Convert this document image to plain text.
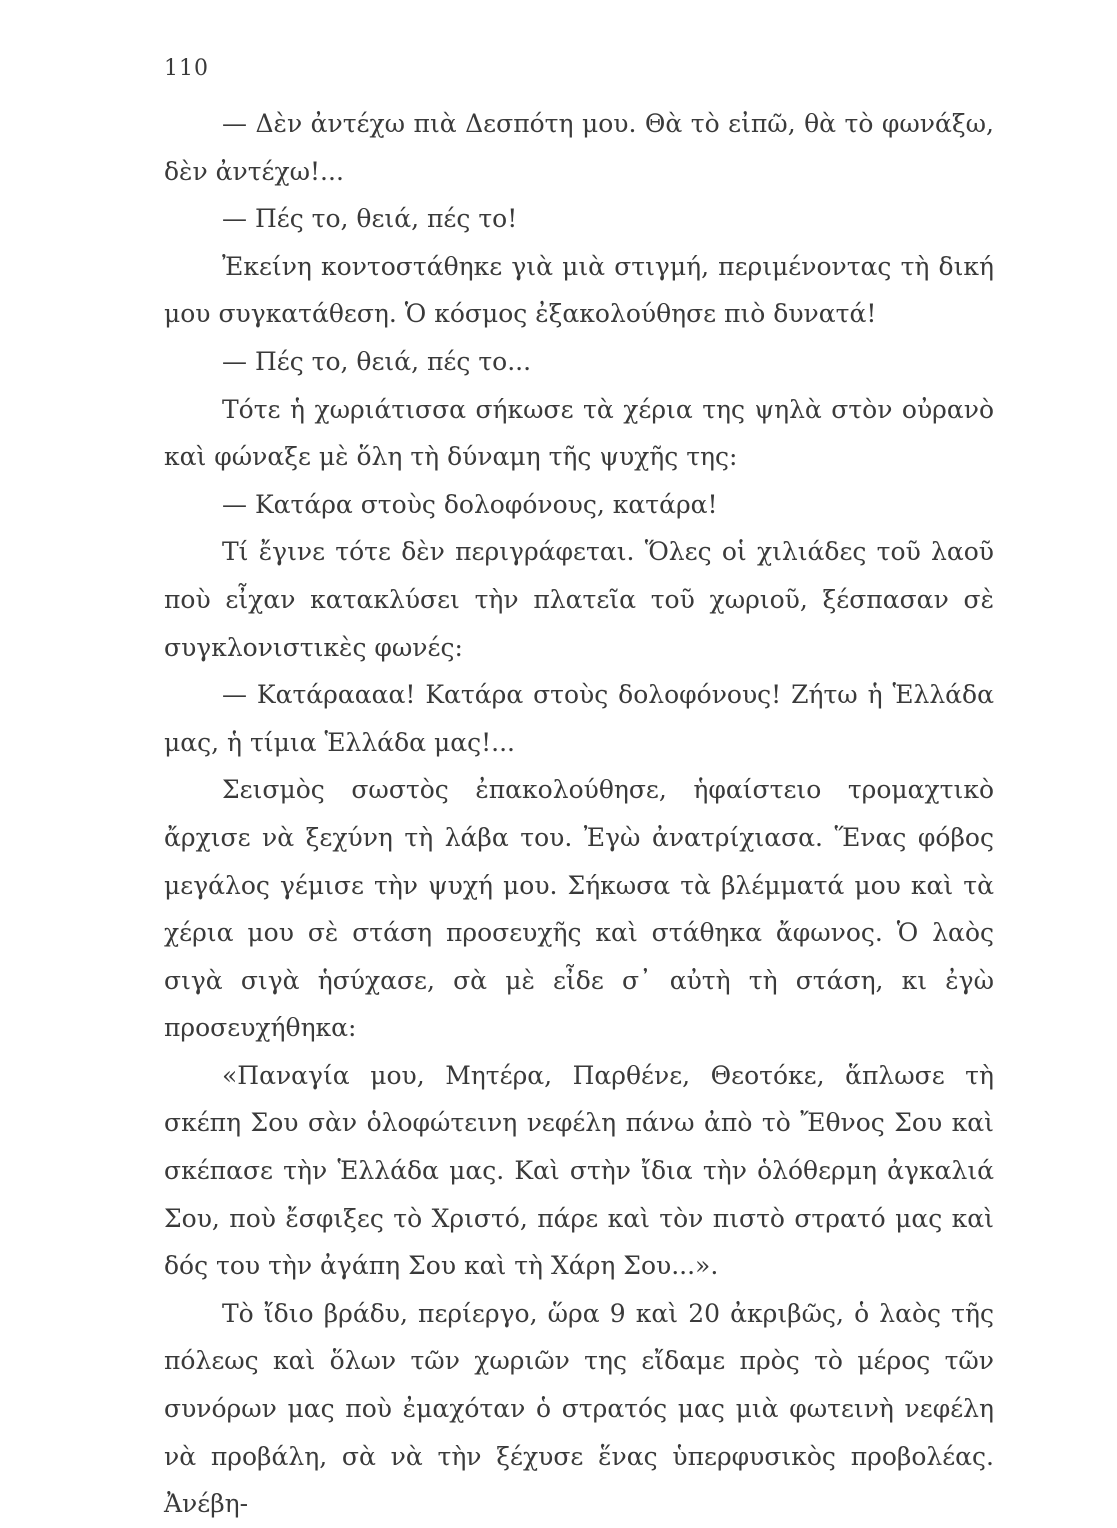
110

— Δὲν ἀντέχω πιὰ Δεσπότη μου. Θὰ τὸ εἰπῶ, θὰ τὸ φωνάξω, δὲν ἀντέχω!...

— Πές το, θειά, πές το!

Ἐκείνη κοντοστάθηκε γιὰ μιὰ στιγμή, περιμένοντας τὴ δική μου συγκατάθεση. Ὁ κόσμος ἐξακολούθησε πιὸ δυνατά!

— Πές το, θειά, πές το...

Τότε ἡ χωριάτισσα σήκωσε τὰ χέρια της ψηλὰ στὸν οὐρανὸ καὶ φώναξε μὲ ὅλη τὴ δύναμη τῆς ψυχῆς της:

— Κατάρα στοὺς δολοφόνους, κατάρα!

Τί ἔγινε τότε δὲν περιγράφεται. Ὅλες οἱ χιλιάδες τοῦ λαοῦ ποὺ εἶχαν κατακλύσει τὴν πλατεῖα τοῦ χωριοῦ, ξέσπασαν σὲ συγκλονιστικὲς φωνές:

— Κατάραααα! Κατάρα στοὺς δολοφόνους! Ζήτω ἡ Ἑλλάδα μας, ἡ τίμια Ἑλλάδα μας!...

Σεισμὸς σωστὸς ἐπακολούθησε, ἡφαίστειο τρομαχτικὸ ἄρχισε νὰ ξεχύνη τὴ λάβα του. Ἐγὼ ἀνατρίχιασα. Ἕνας φόβος μεγάλος γέμισε τὴν ψυχή μου. Σήκωσα τὰ βλέμματά μου καὶ τὰ χέρια μου σὲ στάση προσευχῆς καὶ στάθηκα ἄφωνος. Ὁ λαὸς σιγὰ σιγὰ ἡσύχασε, σὰ μὲ εἶδε σ᾿ αὐτὴ τὴ στάση, κι ἐγὼ προσευχήθηκα:

«Παναγία μου, Μητέρα, Παρθένε, Θεοτόκε, ἅπλωσε τὴ σκέπη Σου σὰν ὁλοφώτεινη νεφέλη πάνω ἀπὸ τὸ Ἔθνος Σου καὶ σκέπασε τὴν Ἑλλάδα μας. Καὶ στὴν ἴδια τὴν ὁλόθερμη ἀγκαλιά Σου, ποὺ ἔσφιξες τὸ Χριστό, πάρε καὶ τὸν πιστὸ στρατό μας καὶ δός του τὴν ἀγάπη Σου καὶ τὴ Χάρη Σου...».

Τὸ ἴδιο βράδυ, περίεργο, ὥρα 9 καὶ 20 ἀκριβῶς, ὁ λαὸς τῆς πόλεως καὶ ὅλων τῶν χωριῶν της εἴδαμε πρὸς τὸ μέρος τῶν συνόρων μας ποὺ ἐμαχόταν ὁ στρατός μας μιὰ φωτεινὴ νεφέλη νὰ προβάλη, σὰ νὰ τὴν ξέχυσε ἕνας ὑπερφυσικὸς προβολέας. Ἀνέβη-
